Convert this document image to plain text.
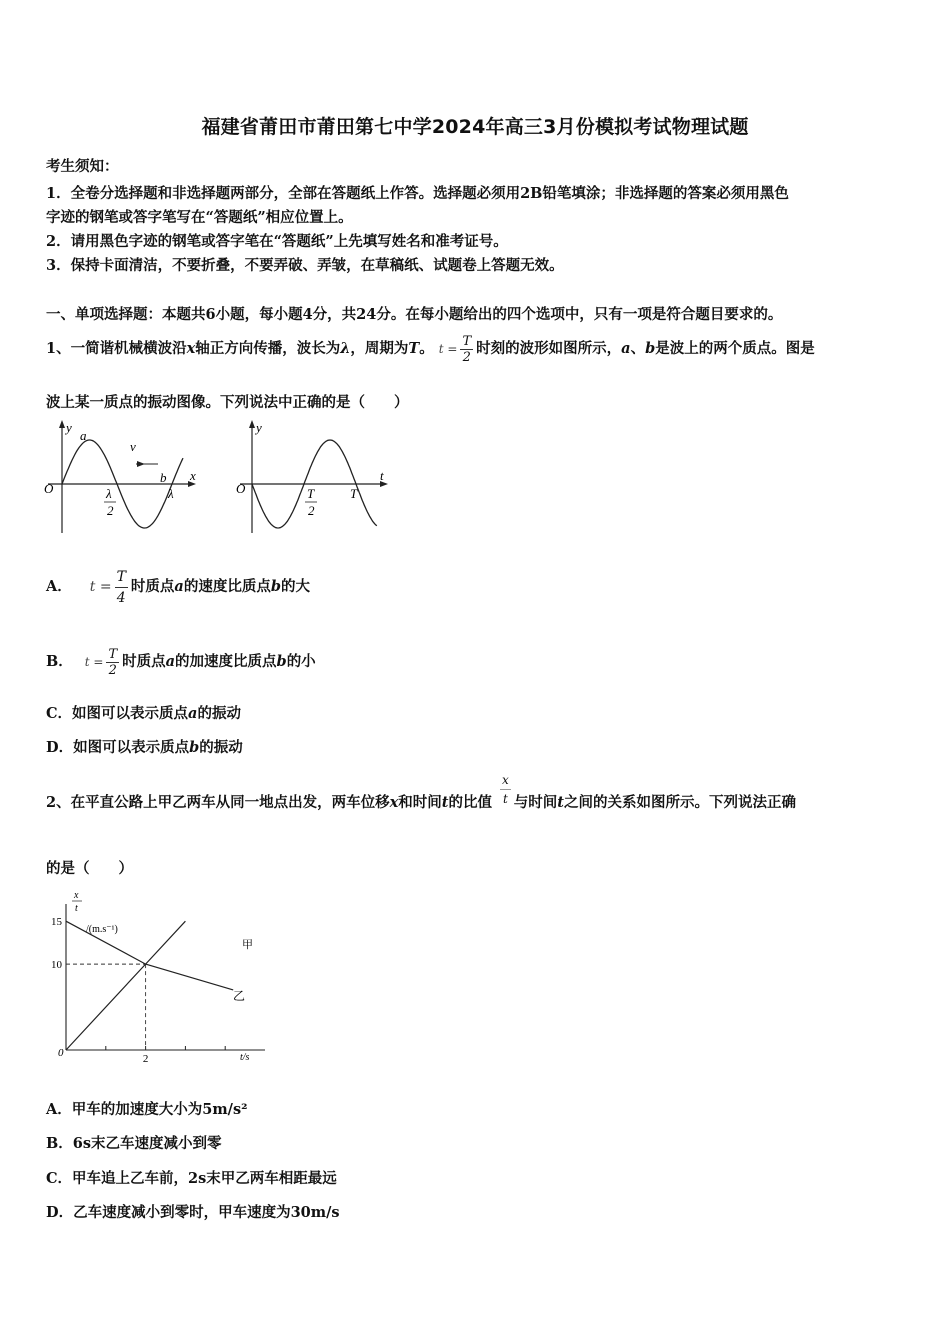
福建省莆田市莆田第七中学2024年高三3月份模拟考试物理试题
考生须知：
1．全卷分选择题和非选择题两部分，全部在答题纸上作答。选择题必须用2B铅笔填涂；非选择题的答案必须用黑色
字迹的钢笔或答字笔写在“答题纸”相应位置上。
2．请用黑色字迹的钢笔或答字笔在“答题纸”上先填写姓名和准考证号。
3．保持卡面清洁，不要折叠，不要弄破、弄皱，在草稿纸、试题卷上答题无效。
一、单项选择题：本题共6小题，每小题4分，共24分。在每小题给出的四个选项中，只有一项是符合题目要求的。
1、一简谐机械横波沿x轴正方向传播，波长为λ，周期为T。 $t = \frac{T}{2}$ 时刻的波形如图所示，a、b是波上的两个质点。图是
波上某一质点的振动图像。下列说法中正确的是（　　）
y
O
a
v
b x
λ
2
λ
y
O
t
T
2
T
A． $t = \frac{T}{4}$ 时质点a的速度比质点b的大
B． $t = \frac{T}{2}$ 时质点a的加速度比质点b的小
C．如图可以表示质点a的振动
D．如图可以表示质点b的振动
2、在平直公路上甲乙两车从同一地点出发，两车位移x和时间t的比值 $\frac{x}{t}$ 与时间t之间的关系如图所示。下列说法正确
的是（　　）
x
t
/(m.s⁻¹)
15
10
2
0	t/s
甲
乙
A．甲车的加速度大小为5m/s²
B．6s末乙车速度减小到零
C．甲车追上乙车前，2s末甲乙两车相距最远
D．乙车速度减小到零时，甲车速度为30m/s
